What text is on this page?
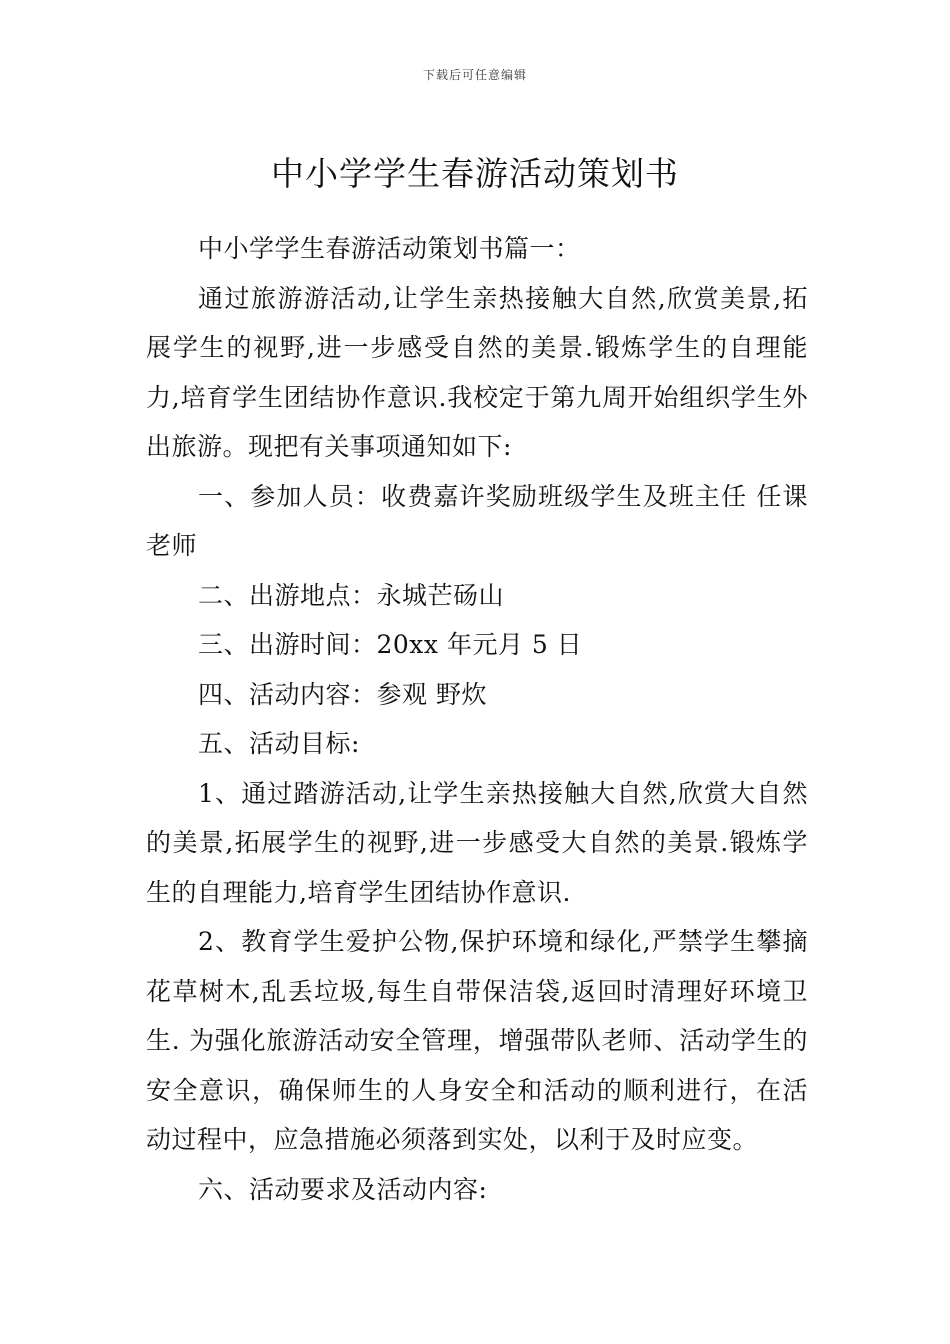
下载后可任意编辑
中小学学生春游活动策划书

中小学学生春游活动策划书篇一：

通过旅游游活动,让学生亲热接触大自然,欣赏美景,拓展学生的视野,进一步感受自然的美景.锻炼学生的自理能力,培育学生团结协作意识.我校定于第九周开始组织学生外出旅游。现把有关事项通知如下:

一、参加人员：收费嘉许奖励班级学生及班主任 任课老师

二、出游地点：永城芒砀山

三、出游时间：20xx 年元月 5 日

四、活动内容：参观 野炊

五、活动目标:

1、通过踏游活动,让学生亲热接触大自然,欣赏大自然的美景,拓展学生的视野,进一步感受大自然的美景.锻炼学生的自理能力,培育学生团结协作意识.

2、教育学生爱护公物,保护环境和绿化,严禁学生攀摘花草树木,乱丢垃圾,每生自带保洁袋,返回时清理好环境卫生. 为强化旅游活动安全管理，增强带队老师、活动学生的安全意识，确保师生的人身安全和活动的顺利进行，在活动过程中，应急措施必须落到实处，以利于及时应变。

六、活动要求及活动内容:
